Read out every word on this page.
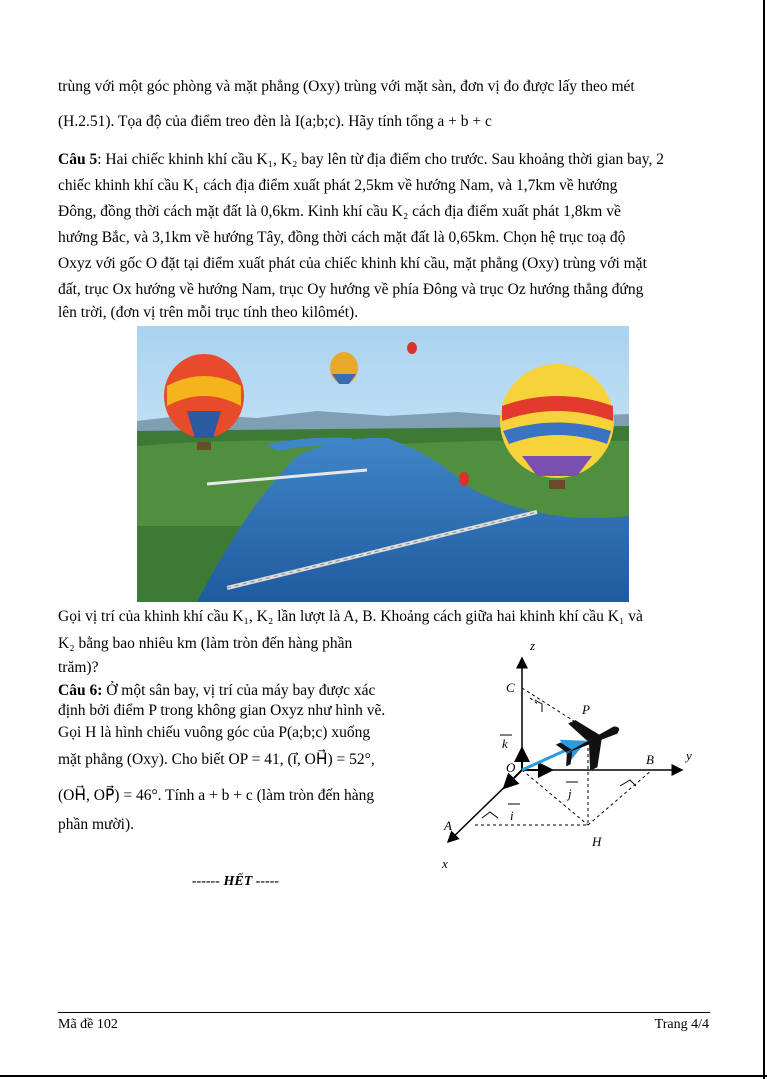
trùng với một góc phòng và mặt phẳng (Oxy) trùng với mặt sàn, đơn vị đo được lấy theo mét
(H.2.51). Tọa độ của điểm treo đèn là I(a;b;c). Hãy tính tổng a + b + c
Câu 5: Hai chiếc khinh khí cầu K₁, K₂ bay lên từ địa điểm cho trước. Sau khoảng thời gian bay, 2
chiếc khinh khí cầu K₁ cách địa điểm xuất phát 2,5km về hướng Nam, và 1,7km về hướng
Đông, đồng thời cách mặt đất là 0,6km. Kinh khí cầu K₂ cách địa điểm xuất phát 1,8km về
hướng Bắc, và 3,1km về hướng Tây, đồng thời cách mặt đất là 0,65km. Chọn hệ trục toạ độ
Oxyz với gốc O đặt tại điểm xuất phát của chiếc khinh khí cầu, mặt phẳng (Oxy) trùng với mặt
đất, trục Ox hướng về hướng Nam, trục Oy hướng về phía Đông và trục Oz hướng thẳng đứng
lên trời, (đơn vị trên mỗi trục tính theo kilômét).
Gọi vị trí của khinh khí cầu K₁, K₂ lần lượt là A, B. Khoảng cách giữa hai khinh khí cầu K₁ và
K₂ bằng bao nhiêu km (làm tròn đến hàng phần
trăm)?
Câu 6: Ở một sân bay, vị trí của máy bay được xác
định bởi điểm P trong không gian Oxyz như hình vẽ.
Gọi H là hình chiếu vuông góc của P(a;b;c) xuống
mặt phẳng (Oxy). Cho biết OP = 41, (i⃗, OH⃗) = 52°,
(OH⃗, OP⃗) = 46°. Tính a + b + c (làm tròn đến hàng
phần mười).
z
y
x
O
P
C
B
A
H
k
i
j
------ HẾT -----
Mã đề 102	Trang 4/4
